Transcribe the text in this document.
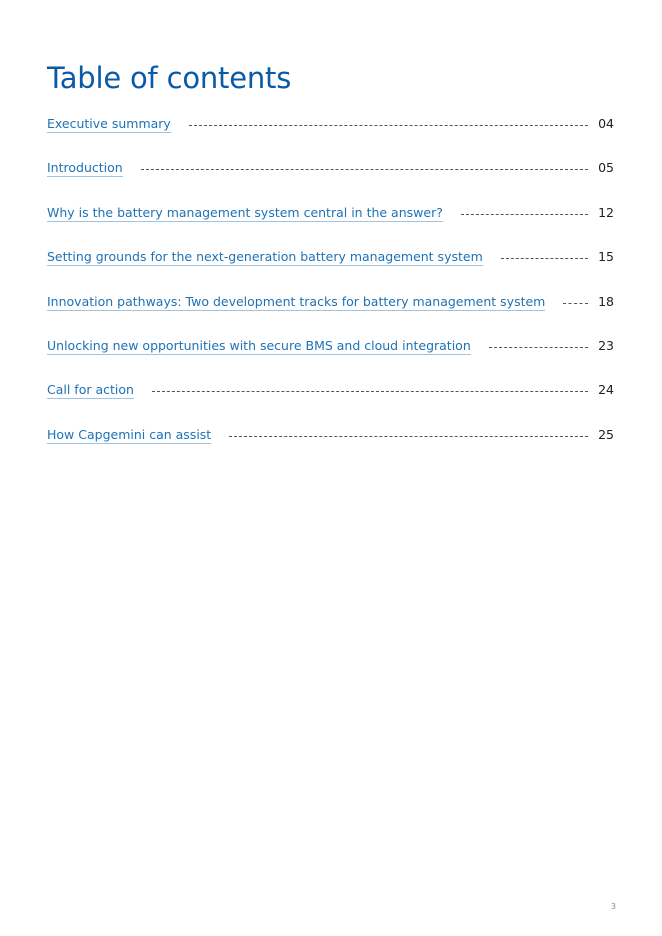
Table of contents
Executive summary	04
Introduction	05
Why is the battery management system central in the answer?	12
Setting grounds for the next-generation battery management system	15
Innovation pathways: Two development tracks for battery management system	18
Unlocking new opportunities with secure BMS and cloud integration	23
Call for action	24
How Capgemini can assist	25
3
